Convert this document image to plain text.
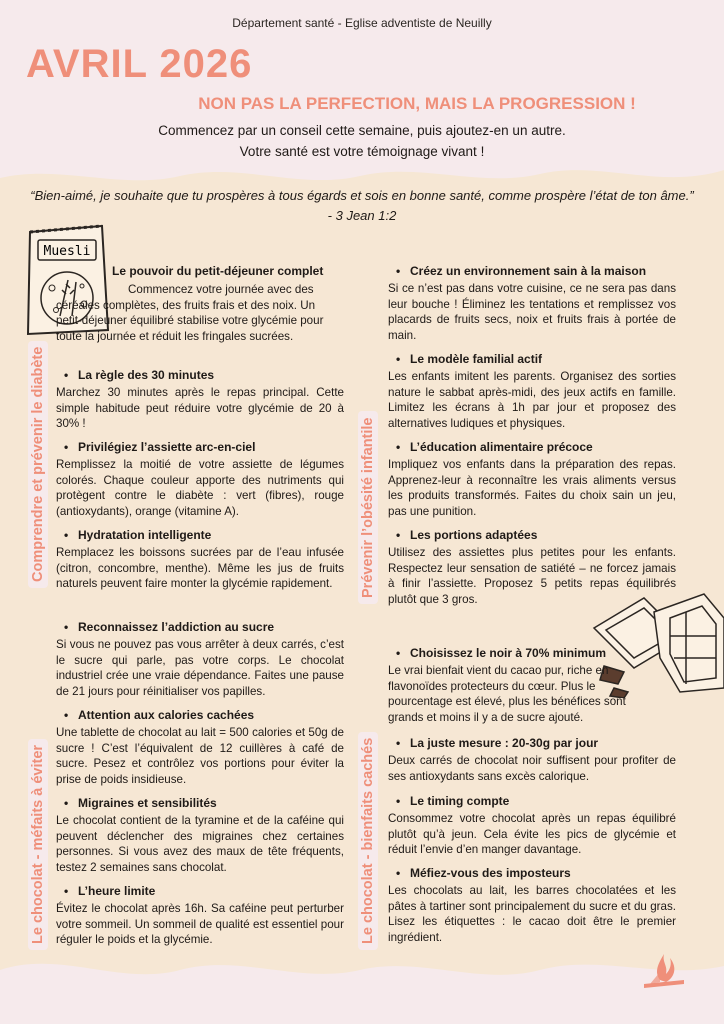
Département santé - Eglise adventiste de Neuilly
AVRIL 2026
NON PAS LA PERFECTION, MAIS LA PROGRESSION !
Commencez par un conseil cette semaine, puis ajoutez-en un autre.
Votre santé est votre témoignage vivant !
“Bien-aimé, je souhaite que tu prospères à tous égards et sois en bonne santé, comme prospère l’état de ton âme.” - 3 Jean 1:2
Muesli
Comprendre et prévenir le diabète	Prévenir l’obésité infantile
Le chocolat - méfaits à éviter	Le chocolat - bienfaits cachés
Le pouvoir du petit-déjeuner complet
Commencez votre journée avec des céréales complètes, des fruits frais et des noix. Un petit-déjeuner équilibré stabilise votre glycémie pour toute la journée et réduit les fringales sucrées.
• La règle des 30 minutes
Marchez 30 minutes après le repas principal. Cette simple habitude peut réduire votre glycémie de 20 à 30% !
• Privilégiez l’assiette arc-en-ciel
Remplissez la moitié de votre assiette de légumes colorés. Chaque couleur apporte des nutriments qui protègent contre le diabète : vert (fibres), rouge (antioxydants), orange (vitamine A).
• Hydratation intelligente
Remplacez les boissons sucrées par de l’eau infusée (citron, concombre, menthe). Même les jus de fruits naturels peuvent faire monter la glycémie rapidement.
• Créez un environnement sain à la maison
Si ce n’est pas dans votre cuisine, ce ne sera pas dans leur bouche ! Éliminez les tentations et remplissez vos placards de fruits secs, noix et fruits frais à portée de main.
• Le modèle familial actif
Les enfants imitent les parents. Organisez des sorties nature le sabbat après-midi, des jeux actifs en famille. Limitez les écrans à 1h par jour et proposez des alternatives ludiques et physiques.
• L’éducation alimentaire précoce
Impliquez vos enfants dans la préparation des repas. Apprenez-leur à reconnaître les vrais aliments versus les produits transformés. Faites du choix sain un jeu, pas une punition.
• Les portions adaptées
Utilisez des assiettes plus petites pour les enfants. Respectez leur sensation de satiété – ne forcez jamais à finir l’assiette. Proposez 5 petits repas équilibrés plutôt que 3 gros.
• Reconnaissez l’addiction au sucre
Si vous ne pouvez pas vous arrêter à deux carrés, c’est le sucre qui parle, pas votre corps. Le chocolat industriel crée une vraie dépendance. Faites une pause de 21 jours pour réinitialiser vos papilles.
• Attention aux calories cachées
Une tablette de chocolat au lait = 500 calories et 50g de sucre ! C’est l’équivalent de 12 cuillères à café de sucre. Pesez et contrôlez vos portions pour éviter la prise de poids insidieuse.
• Migraines et sensibilités
Le chocolat contient de la tyramine et de la caféine qui peuvent déclencher des migraines chez certaines personnes. Si vous avez des maux de tête fréquents, testez 2 semaines sans chocolat.
• L’heure limite
Évitez le chocolat après 16h. Sa caféine peut perturber votre sommeil. Un sommeil de qualité est essentiel pour réguler le poids et la glycémie.
• Choisissez le noir à 70% minimum
Le vrai bienfait vient du cacao pur, riche en flavonoïdes protecteurs du cœur. Plus le pourcentage est élevé, plus les bénéfices sont grands et moins il y a de sucre ajouté.
• La juste mesure : 20-30g par jour
Deux carrés de chocolat noir suffisent pour profiter de ses antioxydants sans excès calorique.
• Le timing compte
Consommez votre chocolat après un repas équilibré plutôt qu’à jeun. Cela évite les pics de glycémie et réduit l’envie d’en manger davantage.
• Méfiez-vous des imposteurs
Les chocolats au lait, les barres chocolatées et les pâtes à tartiner sont principalement du sucre et du gras. Lisez les étiquettes : le cacao doit être le premier ingrédient.
